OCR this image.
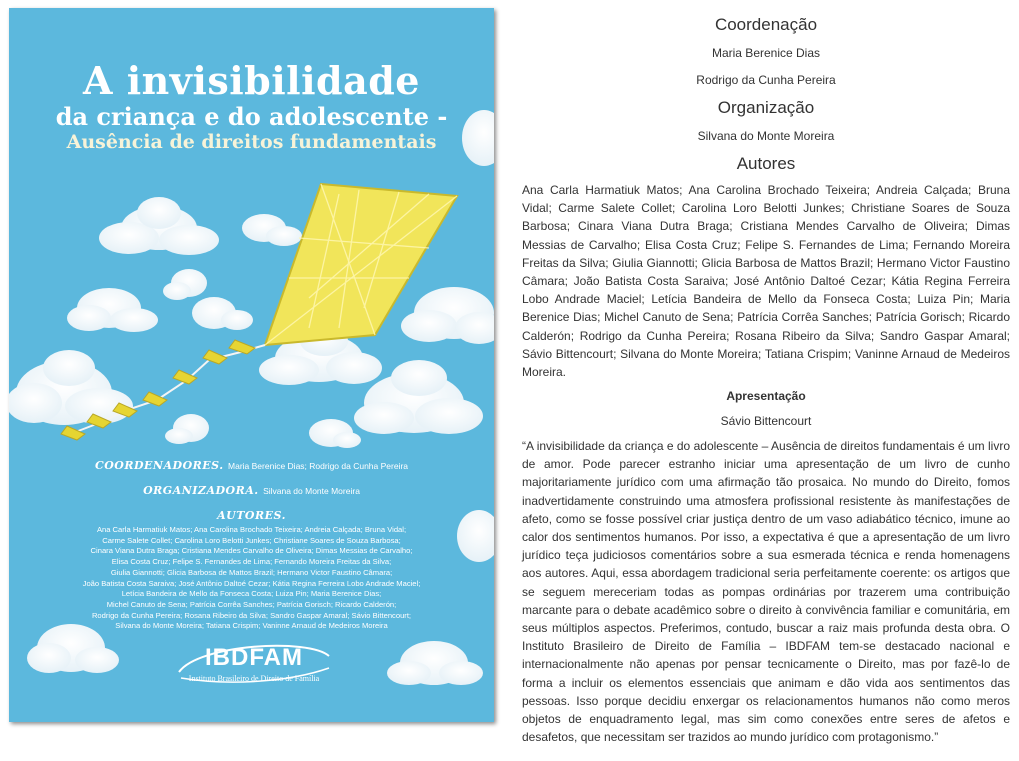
A invisibilidade
da criança e do adolescente -
Ausência de direitos fundamentais
COORDENADORES. Maria Berenice Dias; Rodrigo da Cunha Pereira
ORGANIZADORA. Silvana do Monte Moreira
AUTORES.
Ana Carla Harmatiuk Matos; Ana Carolina Brochado Teixeira; Andreia Calçada; Bruna Vidal;
Carme Salete Collet; Carolina Loro Belotti Junkes; Christiane Soares de Souza Barbosa;
Cinara Viana Dutra Braga; Cristiana Mendes Carvalho de Oliveira; Dimas Messias de Carvalho;
Elisa Costa Cruz; Felipe S. Fernandes de Lima; Fernando Moreira Freitas da Silva;
Giulia Giannotti; Glicia Barbosa de Mattos Brazil; Hermano Victor Faustino Câmara;
João Batista Costa Saraiva; José Antônio Daltoé Cezar; Kátia Regina Ferreira Lobo Andrade Maciel;
Letícia Bandeira de Mello da Fonseca Costa; Luiza Pin; Maria Berenice Dias;
Michel Canuto de Sena; Patrícia Corrêa Sanches; Patrícia Gorisch; Ricardo Calderón;
Rodrigo da Cunha Pereira; Rosana Ribeiro da Silva; Sandro Gaspar Amaral; Sávio Bittencourt;
Silvana do Monte Moreira; Tatiana Crispim; Vaninne Arnaud de Medeiros Moreira
IBDFAM
Instituto Brasileiro de Direito de Família
Coordenação
Maria Berenice Dias
Rodrigo da Cunha Pereira
Organização
Silvana do Monte Moreira
Autores

Ana Carla Harmatiuk Matos; Ana Carolina Brochado Teixeira; Andreia Calçada; Bruna Vidal; Carme Salete Collet; Carolina Loro Belotti Junkes; Christiane Soares de Souza Barbosa; Cinara Viana Dutra Braga; Cristiana Mendes Carvalho de Oliveira; Dimas Messias de Carvalho; Elisa Costa Cruz; Felipe S. Fernandes de Lima; Fernando Moreira Freitas da Silva; Giulia Giannotti; Glicia Barbosa de Mattos Brazil; Hermano Victor Faustino Câmara; João Batista Costa Saraiva; José Antônio Daltoé Cezar; Kátia Regina Ferreira Lobo Andrade Maciel; Letícia Bandeira de Mello da Fonseca Costa; Luiza Pin; Maria Berenice Dias; Michel Canuto de Sena; Patrícia Corrêa Sanches; Patrícia Gorisch; Ricardo Calderón; Rodrigo da Cunha Pereira; Rosana Ribeiro da Silva; Sandro Gaspar Amaral; Sávio Bittencourt; Silvana do Monte Moreira; Tatiana Crispim; Vaninne Arnaud de Medeiros Moreira.

Apresentação
Sávio Bittencourt

“A invisibilidade da criança e do adolescente – Ausência de direitos fundamentais é um livro de amor. Pode parecer estranho iniciar uma apresentação de um livro de cunho majoritariamente jurídico com uma afirmação tão prosaica. No mundo do Direito, fomos inadvertidamente construindo uma atmosfera profissional resistente às manifestações de afeto, como se fosse possível criar justiça dentro de um vaso adiabático técnico, imune ao calor dos sentimentos humanos. Por isso, a expectativa é que a apresentação de um livro jurídico teça judiciosos comentários sobre a sua esmerada técnica e renda homenagens aos autores. Aqui, essa abordagem tradicional seria perfeitamente coerente: os artigos que se seguem mereceriam todas as pompas ordinárias por trazerem uma contribuição marcante para o debate acadêmico sobre o direito à convivência familiar e comunitária, em seus múltiplos aspectos. Preferimos, contudo, buscar a raiz mais profunda desta obra. O Instituto Brasileiro de Direito de Família – IBDFAM tem-se destacado nacional e internacionalmente não apenas por pensar tecnicamente o Direito, mas por fazê-lo de forma a incluir os elementos essenciais que animam e dão vida aos sentimentos das pessoas. Isso porque decidiu enxergar os relacionamentos humanos não como meros objetos de enquadramento legal, mas sim como conexões entre seres de afetos e desafetos, que necessitam ser trazidos ao mundo jurídico com protagonismo.”
